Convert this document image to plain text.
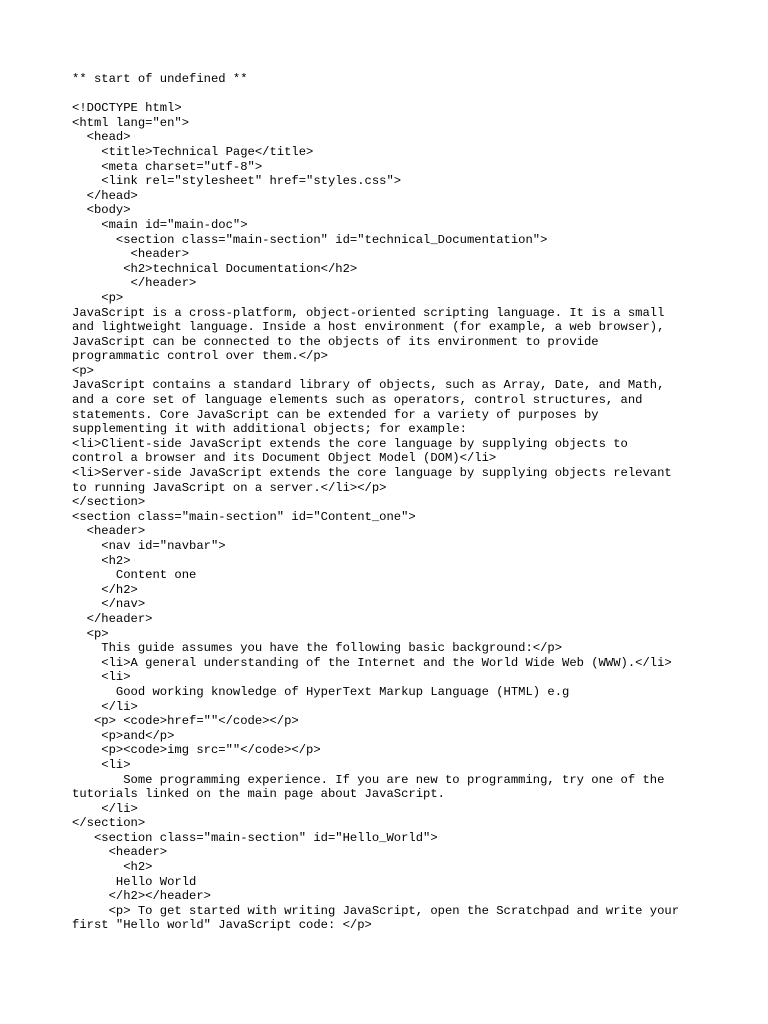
** start of undefined **
<!DOCTYPE html>
<html lang="en">
<head>
<title>Technical Page</title>
<meta charset="utf-8">
<link rel="stylesheet" href="styles.css">
</head>
<body>
<main id="main-doc">
<section class="main-section" id="technical_Documentation">
<header>
<h2>technical Documentation</h2>
</header>
<p>
JavaScript is a cross-platform, object-oriented scripting language. It is a small
and lightweight language. Inside a host environment (for example, a web browser),
JavaScript can be connected to the objects of its environment to provide
programmatic control over them.</p>
<p>
JavaScript contains a standard library of objects, such as Array, Date, and Math,
and a core set of language elements such as operators, control structures, and
statements. Core JavaScript can be extended for a variety of purposes by
supplementing it with additional objects; for example:
<li>Client-side JavaScript extends the core language by supplying objects to
control a browser and its Document Object Model (DOM)</li>
<li>Server-side JavaScript extends the core language by supplying objects relevant
to running JavaScript on a server.</li></p>
</section>
<section class="main-section" id="Content_one">
<header>
<nav id="navbar">
<h2>
Content one
</h2>
</nav>
</header>
<p>
This guide assumes you have the following basic background:</p>
<li>A general understanding of the Internet and the World Wide Web (WWW).</li>
<li>
Good working knowledge of HyperText Markup Language (HTML) e.g
</li>
<p> <code>href=""</code></p>
<p>and</p>
<p><code>img src=""</code></p>
<li>
Some programming experience. If you are new to programming, try one of the
tutorials linked on the main page about JavaScript.
</li>
</section>
<section class="main-section" id="Hello_World">
<header>
<h2>
Hello World
</h2></header>
<p> To get started with writing JavaScript, open the Scratchpad and write your
first "Hello world" JavaScript code: </p>
